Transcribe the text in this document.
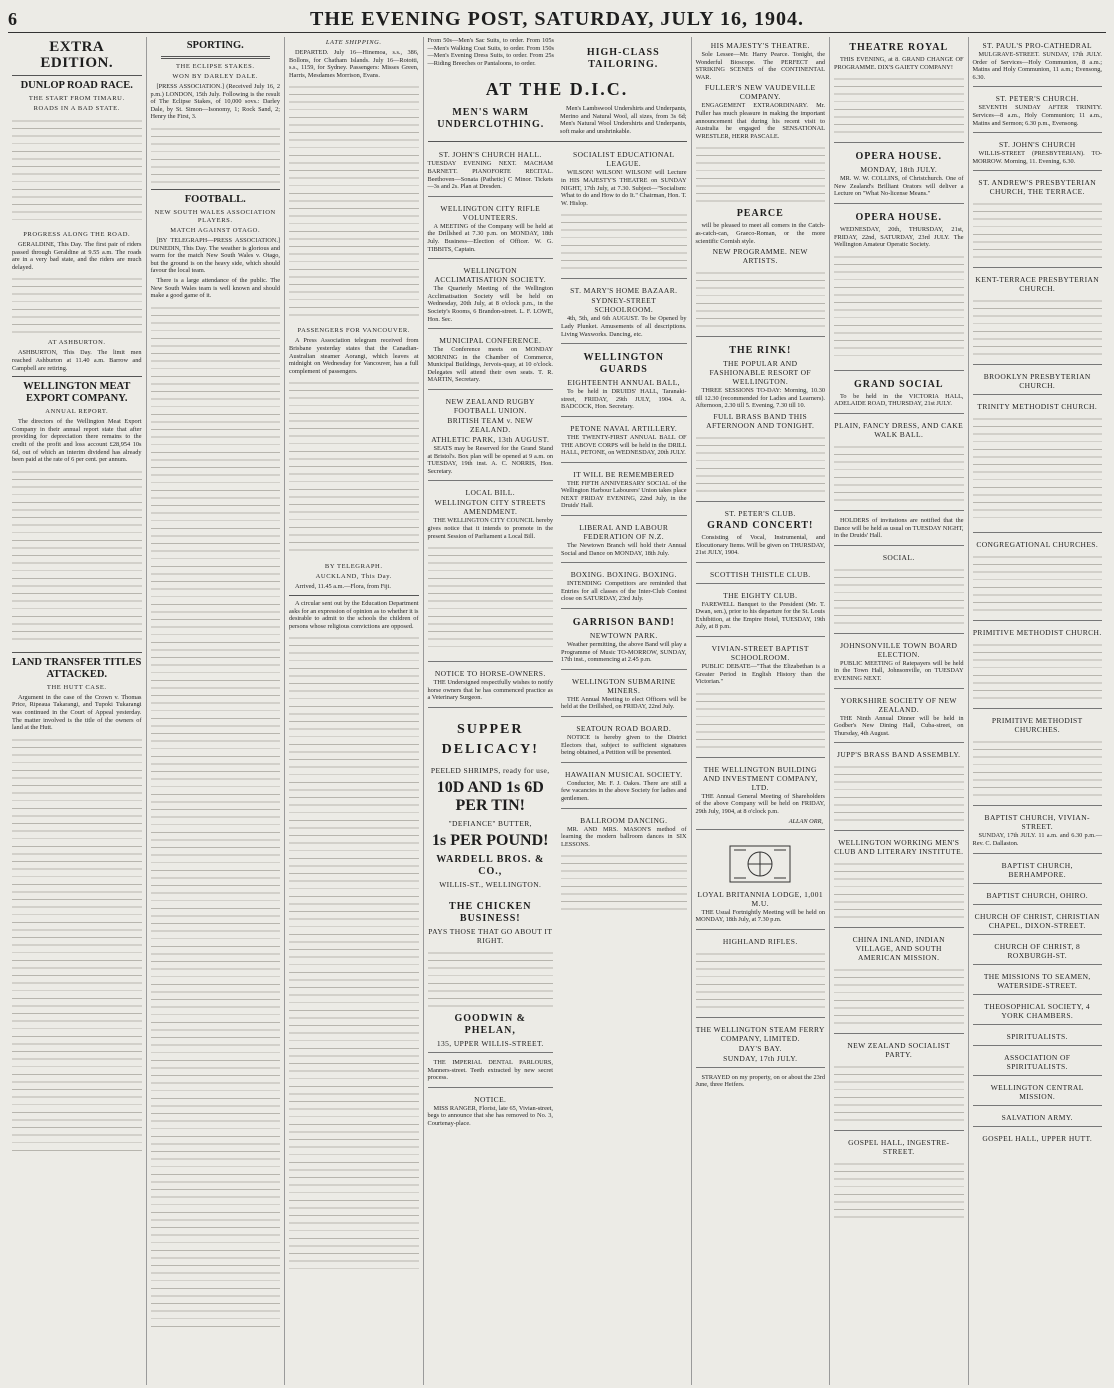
6	THE EVENING POST, SATURDAY, JULY 16, 1904.
EXTRA EDITION.
DUNLOP ROAD RACE.
THE START FROM TIMARU.
ROADS IN A BAD STATE.

PROGRESS ALONG THE ROAD.

GERALDINE, This Day. The first pair of riders passed through Geraldine at 9.55 a.m. The roads are in a very bad state, and the riders are much delayed.

AT ASHBURTON.

ASHBURTON, This Day. The limit men reached Ashburton at 11.40 a.m. Barrow and Campbell are retiring.

WELLINGTON MEAT EXPORT COMPANY.
ANNUAL REPORT.

The directors of the Wellington Meat Export Company in their annual report state that after providing for depreciation there remains to the credit of the profit and loss account £28,954 10s 6d, out of which an interim dividend has already been paid at the rate of 6 per cent. per annum.

LAND TRANSFER TITLES ATTACKED.
THE HUTT CASE.

Argument in the case of the Crown v. Thomas Price, Ripeaua Takarangi, and Tupoki Tukarangi was continued in the Court of Appeal yesterday. The matter involved is the title of the owners of land at the Hutt.

SPORTING.
THE ECLIPSE STAKES.
WON BY DARLEY DALE.

[PRESS ASSOCIATION.] (Received July 16, 2 p.m.) LONDON, 15th July. Following is the result of The Eclipse Stakes, of 10,000 sovs.: Darley Dale, by St. Simon—Isonomy, 1; Rock Sand, 2; Henry the First, 3.

FOOTBALL.
NEW SOUTH WALES ASSOCIATION PLAYERS.
MATCH AGAINST OTAGO.

[BY TELEGRAPH—PRESS ASSOCIATION.] DUNEDIN, This Day. The weather is glorious and warm for the match New South Wales v. Otago, but the ground is on the heavy side, which should favour the local team.

There is a large attendance of the public. The New South Wales team is well known and should make a good game of it.

LATE SHIPPING.

DEPARTED. July 16—Hinemoa, s.s., 386, Bollons, for Chatham Islands. July 16—Rotoiti, s.s., 1159, for Sydney. Passengers: Misses Green, Harris, Mesdames Morrison, Evans.

PASSENGERS FOR VANCOUVER.

A Press Association telegram received from Brisbane yesterday states that the Canadian-Australian steamer Aorangi, which leaves at midnight on Wednesday for Vancouver, has a full complement of passengers.

BY TELEGRAPH.
AUCKLAND, This Day.

Arrived, 11.45 a.m.—Flora, from Fiji.

A circular sent out by the Education Department asks for an expression of opinion as to whether it is desirable to admit to the schools the children of persons whose religious convictions are opposed.

From 50s—Men's Sac Suits, to order. From 105s—Men's Walking Coat Suits, to order. From 150s—Men's Evening Dress Suits, to order. From 25s—Riding Breeches or Pantaloons, to order.

HIGH-CLASS TAILORING.
AT THE D.I.C.
MEN'S WARM UNDERCLOTHING.

Men's Lambswool Undershirts and Underpants, Merino and Natural Wool, all sizes, from 3s 6d; Men's Natural Wool Undershirts and Underpants, soft make and unshrinkable.

ST. JOHN'S CHURCH HALL.

TUESDAY EVENING NEXT. MACHAM BARNETT. PIANOFORTE RECITAL. Beethoven—Sonata (Pathetic) C Minor. Tickets—3s and 2s. Plan at Dresden.

WELLINGTON CITY RIFLE VOLUNTEERS.

A MEETING of the Company will be held at the Drillshed at 7.30 p.m. on MONDAY, 18th July. Business—Election of Officer. W. G. TIBBITS, Captain.

WELLINGTON ACCLIMATISATION SOCIETY.

The Quarterly Meeting of the Wellington Acclimatisation Society will be held on Wednesday, 20th July, at 8 o'clock p.m., in the Society's Rooms, 6 Brandon-street. L. F. LOWE, Hon. Sec.

MUNICIPAL CONFERENCE.

The Conference meets on MONDAY MORNING in the Chamber of Commerce, Municipal Buildings, Jervois-quay, at 10 o'clock. Delegates will attend their own seats. T. R. MARTIN, Secretary.

NEW ZEALAND RUGBY FOOTBALL UNION.
BRITISH TEAM v. NEW ZEALAND.
ATHLETIC PARK, 13th AUGUST.

SEATS may be Reserved for the Grand Stand at Bristol's. Box plan will be opened at 9 a.m. on TUESDAY, 19th inst. A. C. NORRIS, Hon. Secretary.

LOCAL BILL.
WELLINGTON CITY STREETS AMENDMENT.

THE WELLINGTON CITY COUNCIL hereby gives notice that it intends to promote in the present Session of Parliament a Local Bill.

NOTICE TO HORSE-OWNERS.

THE Undersigned respectfully wishes to notify horse owners that he has commenced practice as a Veterinary Surgeon.

SUPPER DELICACY!
PEELED SHRIMPS, ready for use,
10D AND 1s 6D PER TIN!
"DEFIANCE" BUTTER,
1s PER POUND!
WARDELL BROS. & CO.,
WILLIS-ST., WELLINGTON.
THE CHICKEN BUSINESS!
PAYS THOSE THAT GO ABOUT IT RIGHT.
GOODWIN & PHELAN,
135, UPPER WILLIS-STREET.

THE IMPERIAL DENTAL PARLOURS, Manners-street. Teeth extracted by new secret process.

NOTICE.

MISS RANGER, Florist, late 65, Vivian-street, begs to announce that she has removed to No. 3, Courtenay-place.

SOCIALIST EDUCATIONAL LEAGUE.

WILSON! WILSON! WILSON! will Lecture in HIS MAJESTY'S THEATRE on SUNDAY NIGHT, 17th July, at 7.30. Subject—"Socialism: What to do and How to do It." Chairman, Hon. T. W. Hislop.

ST. MARY'S HOME BAZAAR.
SYDNEY-STREET SCHOOLROOM.

4th, 5th, and 6th AUGUST. To be Opened by Lady Plunket. Amusements of all descriptions. Living Waxworks. Dancing, etc.

WELLINGTON GUARDS
EIGHTEENTH ANNUAL BALL,

To be held in DRUIDS' HALL, Taranaki-street, FRIDAY, 29th JULY, 1904. A. BADCOCK, Hon. Secretary.

PETONE NAVAL ARTILLERY.

THE TWENTY-FIRST ANNUAL BALL OF THE ABOVE CORPS will be held in the DRILL HALL, PETONE, on WEDNESDAY, 20th JULY.

IT WILL BE REMEMBERED

THE FIFTH ANNIVERSARY SOCIAL of the Wellington Harbour Labourers' Union takes place NEXT FRIDAY EVENING, 22nd July, in the Druids' Hall.

LIBERAL AND LABOUR FEDERATION OF N.Z.

The Newtown Branch will hold their Annual Social and Dance on MONDAY, 18th July.

BOXING. BOXING. BOXING.

INTENDING Competitors are reminded that Entries for all classes of the Inter-Club Contest close on SATURDAY, 23rd July.

GARRISON BAND!
NEWTOWN PARK.

Weather permitting, the above Band will play a Programme of Music TO-MORROW, SUNDAY, 17th inst., commencing at 2.45 p.m.

WELLINGTON SUBMARINE MINERS.

THE Annual Meeting to elect Officers will be held at the Drillshed, on FRIDAY, 22nd July.

SEATOUN ROAD BOARD.

NOTICE is hereby given to the District Electors that, subject to sufficient signatures being obtained, a Petition will be presented.

HAWAIIAN MUSICAL SOCIETY.

Conductor, Mr. F. J. Oakes. There are still a few vacancies in the above Society for ladies and gentlemen.

BALLROOM DANCING.

MR. AND MRS. MASON'S method of learning the modern ballroom dances in SIX LESSONS.

HIS MAJESTY'S THEATRE.

Sole Lessee—Mr. Harry Pearce. Tonight, the Wonderful Bioscope. The PERFECT and STRIKING SCENES of the CONTINENTAL WAR.

FULLER'S NEW VAUDEVILLE COMPANY.

ENGAGEMENT EXTRAORDINARY. Mr. Fuller has much pleasure in making the important announcement that during his recent visit to Australia he engaged the SENSATIONAL WRESTLER, HERR PASCALE.

PEARCE

will be pleased to meet all comers in the Catch-as-catch-can, Graeco-Roman, or the more scientific Cornish style.

NEW PROGRAMME. NEW ARTISTS.
THE RINK!
THE POPULAR AND FASHIONABLE RESORT OF WELLINGTON.

THREE SESSIONS TO-DAY: Morning, 10.30 till 12.30 (recommended for Ladies and Learners). Afternoon, 2.30 till 5. Evening, 7.30 till 10.

FULL BRASS BAND THIS AFTERNOON AND TONIGHT.
ST. PETER'S CLUB.
GRAND CONCERT!

Consisting of Vocal, Instrumental, and Elocutionary Items. Will be given on THURSDAY, 21st JULY, 1904.

SCOTTISH THISTLE CLUB.
THE EIGHTY CLUB.

FAREWELL Banquet to the President (Mr. T. Dwan, sen.), prior to his departure for the St. Louis Exhibition, at the Empire Hotel, TUESDAY, 19th July, at 8 p.m.

VIVIAN-STREET BAPTIST SCHOOLROOM.

PUBLIC DEBATE—"That the Elizabethan is a Greater Period in English History than the Victorian."

THE WELLINGTON BUILDING AND INVESTMENT COMPANY, LTD.

THE Annual General Meeting of Shareholders of the above Company will be held on FRIDAY, 29th July, 1904, at 8 o'clock p.m.

ALLAN ORR,
LOYAL BRITANNIA LODGE, 1,001 M.U.

THE Usual Fortnightly Meeting will be held on MONDAY, 18th July, at 7.30 p.m.

HIGHLAND RIFLES.
THE WELLINGTON STEAM FERRY COMPANY, LIMITED.
DAY'S BAY.
SUNDAY, 17th JULY.

STRAYED on my property, on or about the 23rd June, three Heifers.

THEATRE ROYAL

THIS EVENING, at 8. GRAND CHANGE OF PROGRAMME. DIX'S GAIETY COMPANY!

OPERA HOUSE.
MONDAY, 18th JULY.

MR. W. W. COLLINS, of Christchurch. One of New Zealand's Brilliant Orators will deliver a Lecture on "What No-license Means."

OPERA HOUSE.

WEDNESDAY, 20th, THURSDAY, 21st, FRIDAY, 22nd, SATURDAY, 23rd JULY. The Wellington Amateur Operatic Society.

GRAND SOCIAL

To be held in the VICTORIA HALL, ADELAIDE ROAD, THURSDAY, 21st JULY.

PLAIN, FANCY DRESS, AND CAKE WALK BALL.

HOLDERS of invitations are notified that the Dance will be held as usual on TUESDAY NIGHT, in the Druids' Hall.

SOCIAL.
JOHNSONVILLE TOWN BOARD ELECTION.

PUBLIC MEETING of Ratepayers will be held in the Town Hall, Johnsonville, on TUESDAY EVENING NEXT.

YORKSHIRE SOCIETY OF NEW ZEALAND.

THE Ninth Annual Dinner will be held in Godber's New Dining Hall, Cuba-street, on Thursday, 4th August.

JUPP'S BRASS BAND ASSEMBLY.
WELLINGTON WORKING MEN'S CLUB AND LITERARY INSTITUTE.
CHINA INLAND, INDIAN VILLAGE, AND SOUTH AMERICAN MISSION.
NEW ZEALAND SOCIALIST PARTY.
GOSPEL HALL, INGESTRE-STREET.
ST. PAUL'S PRO-CATHEDRAL

MULGRAVE-STREET. SUNDAY, 17th JULY. Order of Services—Holy Communion, 8 a.m.; Matins and Holy Communion, 11 a.m.; Evensong, 6.30.

ST. PETER'S CHURCH.

SEVENTH SUNDAY AFTER TRINITY. Services—8 a.m., Holy Communion; 11 a.m., Matins and Sermon; 6.30 p.m., Evensong.

ST. JOHN'S CHURCH

WILLIS-STREET (PRESBYTERIAN). TO-MORROW. Morning, 11. Evening, 6.30.

ST. ANDREW'S PRESBYTERIAN CHURCH, THE TERRACE.
KENT-TERRACE PRESBYTERIAN CHURCH.
BROOKLYN PRESBYTERIAN CHURCH.
TRINITY METHODIST CHURCH.
CONGREGATIONAL CHURCHES.
PRIMITIVE METHODIST CHURCH.
PRIMITIVE METHODIST CHURCHES.
BAPTIST CHURCH, VIVIAN-STREET.

SUNDAY, 17th JULY. 11 a.m. and 6.30 p.m.—Rev. C. Dallaston.

BAPTIST CHURCH, BERHAMPORE.
BAPTIST CHURCH, OHIRO.
CHURCH OF CHRIST, CHRISTIAN CHAPEL, DIXON-STREET.
CHURCH OF CHRIST, 8 ROXBURGH-ST.
THE MISSIONS TO SEAMEN, WATERSIDE-STREET.
THEOSOPHICAL SOCIETY, 4 YORK CHAMBERS.
SPIRITUALISTS.
ASSOCIATION OF SPIRITUALISTS.
WELLINGTON CENTRAL MISSION.
SALVATION ARMY.
GOSPEL HALL, UPPER HUTT.
